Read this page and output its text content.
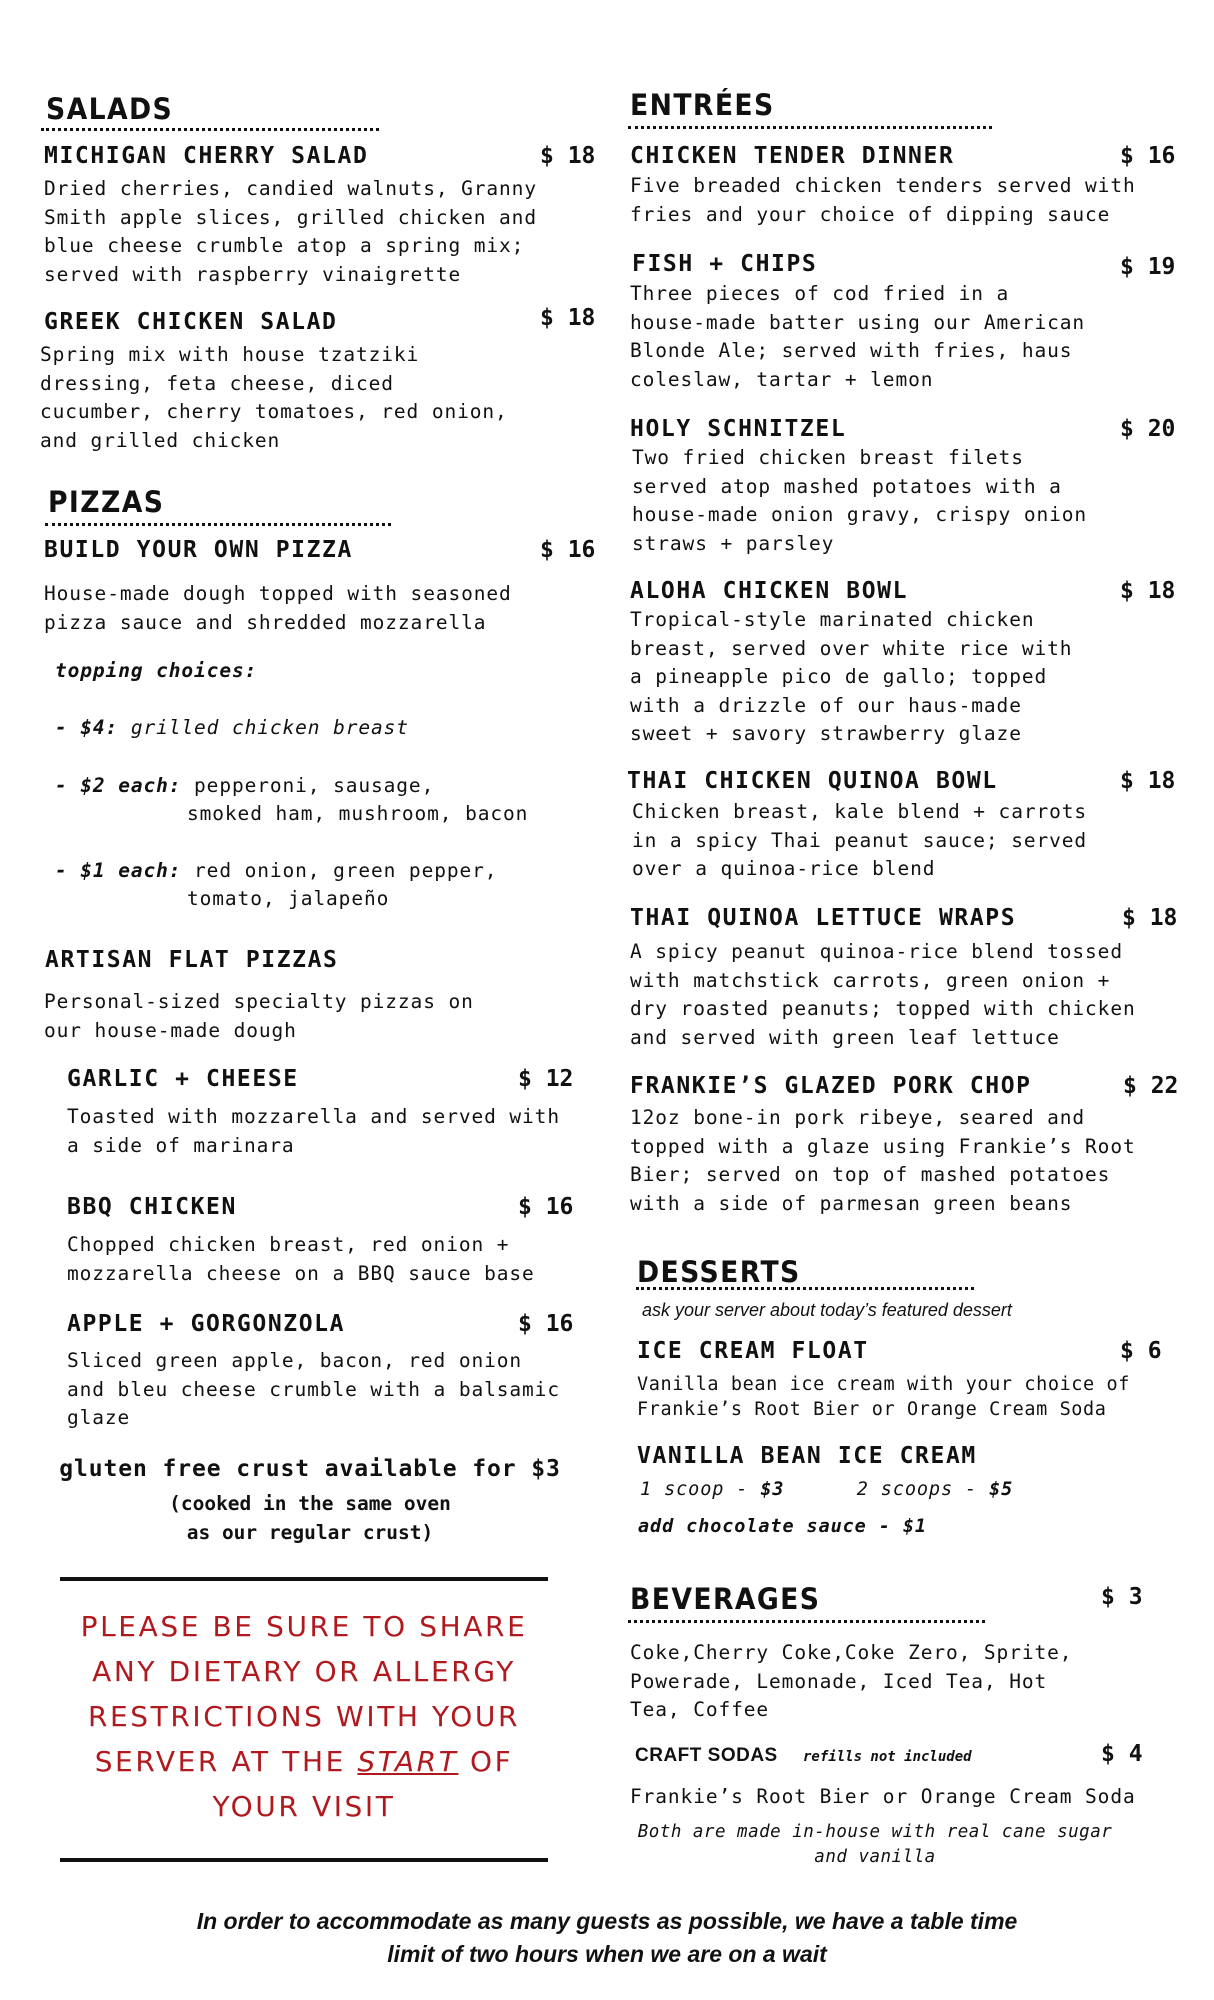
SALADS
MICHIGAN CHERRY SALAD	$ 18
Dried cherries, candied walnuts, Granny
Smith apple slices, grilled chicken and
blue cheese crumble atop a spring mix;
served with raspberry vinaigrette
GREEK CHICKEN SALAD	$ 18
Spring mix with house tzatziki
dressing, feta cheese, diced
cucumber, cherry tomatoes, red onion,
and grilled chicken
PIZZAS
BUILD YOUR OWN PIZZA	$ 16
House-made dough topped with seasoned
pizza sauce and shredded mozzarella
topping choices:
- $4: grilled chicken breast
- $2 each: pepperoni, sausage,
smoked ham, mushroom, bacon
- $1 each: red onion, green pepper,
tomato, jalapeño
ARTISAN FLAT PIZZAS
Personal-sized specialty pizzas on
our house-made dough
GARLIC + CHEESE	$ 12
Toasted with mozzarella and served with
a side of marinara
BBQ CHICKEN	$ 16
Chopped chicken breast, red onion +
mozzarella cheese on a BBQ sauce base
APPLE + GORGONZOLA	$ 16
Sliced green apple, bacon, red onion
and bleu cheese crumble with a balsamic
glaze
gluten free crust available for $3
(cooked in the same oven
as our regular crust)
PLEASE BE SURE TO SHARE
ANY DIETARY OR ALLERGY
RESTRICTIONS WITH YOUR
SERVER AT THE START OF
YOUR VISIT
ENTRÉES
CHICKEN TENDER DINNER	$ 16
Five breaded chicken tenders served with
fries and your choice of dipping sauce
FISH + CHIPS	$ 19
Three pieces of cod fried in a
house-made batter using our American
Blonde Ale; served with fries, haus
coleslaw, tartar + lemon
HOLY SCHNITZEL	$ 20
Two fried chicken breast filets
served atop mashed potatoes with a
house-made onion gravy, crispy onion
straws + parsley
ALOHA CHICKEN BOWL	$ 18
Tropical-style marinated chicken
breast, served over white rice with
a pineapple pico de gallo; topped
with a drizzle of our haus-made
sweet + savory strawberry glaze
THAI CHICKEN QUINOA BOWL	$ 18
Chicken breast, kale blend + carrots
in a spicy Thai peanut sauce; served
over a quinoa-rice blend
THAI QUINOA LETTUCE WRAPS	$ 18
A spicy peanut quinoa-rice blend tossed
with matchstick carrots, green onion +
dry roasted peanuts; topped with chicken
and served with green leaf lettuce
FRANKIE’S GLAZED PORK CHOP	$ 22
12oz bone-in pork ribeye, seared and
topped with a glaze using Frankie’s Root
Bier; served on top of mashed potatoes
with a side of parmesan green beans
DESSERTS
ask your server about today’s featured dessert
ICE CREAM FLOAT	$ 6
Vanilla bean ice cream with your choice of
Frankie’s Root Bier or Orange Cream Soda
VANILLA BEAN ICE CREAM
1 scoop - $3	2 scoops - $5
add chocolate sauce - $1
BEVERAGES	$ 3
Coke,Cherry Coke,Coke Zero, Sprite,
Powerade, Lemonade, Iced Tea, Hot
Tea, Coffee
CRAFT SODAS refills not included	$ 4
Frankie’s Root Bier or Orange Cream Soda
Both are made in-house with real cane sugar
and vanilla
In order to accommodate as many guests as possible, we have a table time
limit of two hours when we are on a wait
